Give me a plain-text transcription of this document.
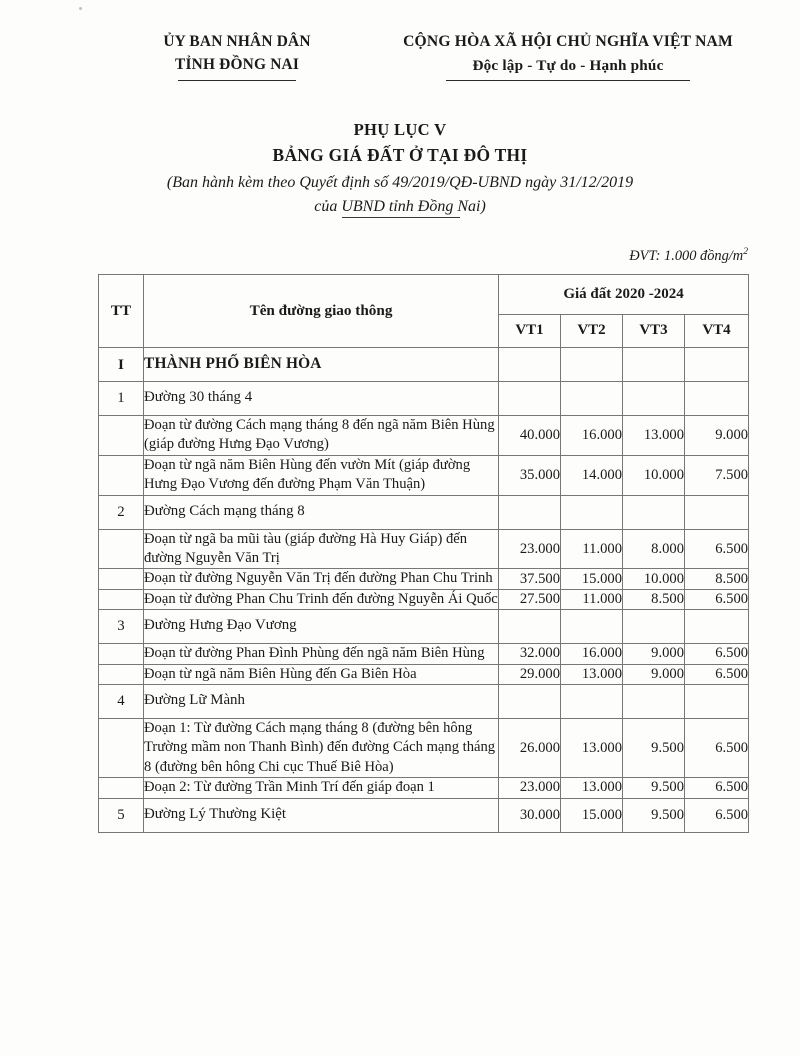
ỦY BAN NHÂN DÂN
TỈNH ĐỒNG NAI
CỘNG HÒA XÃ HỘI CHỦ NGHĨA VIỆT NAM
Độc lập - Tự do - Hạnh phúc
PHỤ LỤC V
BẢNG GIÁ ĐẤT Ở TẠI ĐÔ THỊ
(Ban hành kèm theo Quyết định số 49/2019/QĐ-UBND ngày 31/12/2019
của UBND tỉnh Đồng Nai)
ĐVT: 1.000 đồng/$m^2$
TT	Tên đường giao thông	Giá đất 2020 -2024			
		VT1	VT2	VT3	VT4
I	THÀNH PHỐ BIÊN HÒA				
1	Đường 30 tháng 4				
	Đoạn từ đường Cách mạng tháng 8 đến ngã năm Biên Hùng (giáp đường Hưng Đạo Vương)	40.000	16.000	13.000	9.000
	Đoạn từ ngã năm Biên Hùng đến vườn Mít (giáp đường Hưng Đạo Vương đến đường Phạm Văn Thuận)	35.000	14.000	10.000	7.500
2	Đường Cách mạng tháng 8				
	Đoạn từ ngã ba mũi tàu (giáp đường Hà Huy Giáp) đến đường Nguyễn Văn Trị	23.000	11.000	8.000	6.500
	Đoạn từ đường Nguyễn Văn Trị đến đường Phan Chu Trinh	37.500	15.000	10.000	8.500
	Đoạn từ đường Phan Chu Trinh đến đường Nguyễn Ái Quốc	27.500	11.000	8.500	6.500
3	Đường Hưng Đạo Vương				
	Đoạn từ đường Phan Đình Phùng đến ngã năm Biên Hùng	32.000	16.000	9.000	6.500
	Đoạn từ ngã năm Biên Hùng đến Ga Biên Hòa	29.000	13.000	9.000	6.500
4	Đường Lữ Mành				
	Đoạn 1: Từ đường Cách mạng tháng 8 (đường bên hông Trường mầm non Thanh Bình) đến đường Cách mạng tháng 8 (đường bên hông Chi cục Thuế Biê Hòa)	26.000	13.000	9.500	6.500
	Đoạn 2: Từ đường Trần Minh Trí đến giáp đoạn 1	23.000	13.000	9.500	6.500
5	Đường Lý Thường Kiệt	30.000	15.000	9.500	6.500
